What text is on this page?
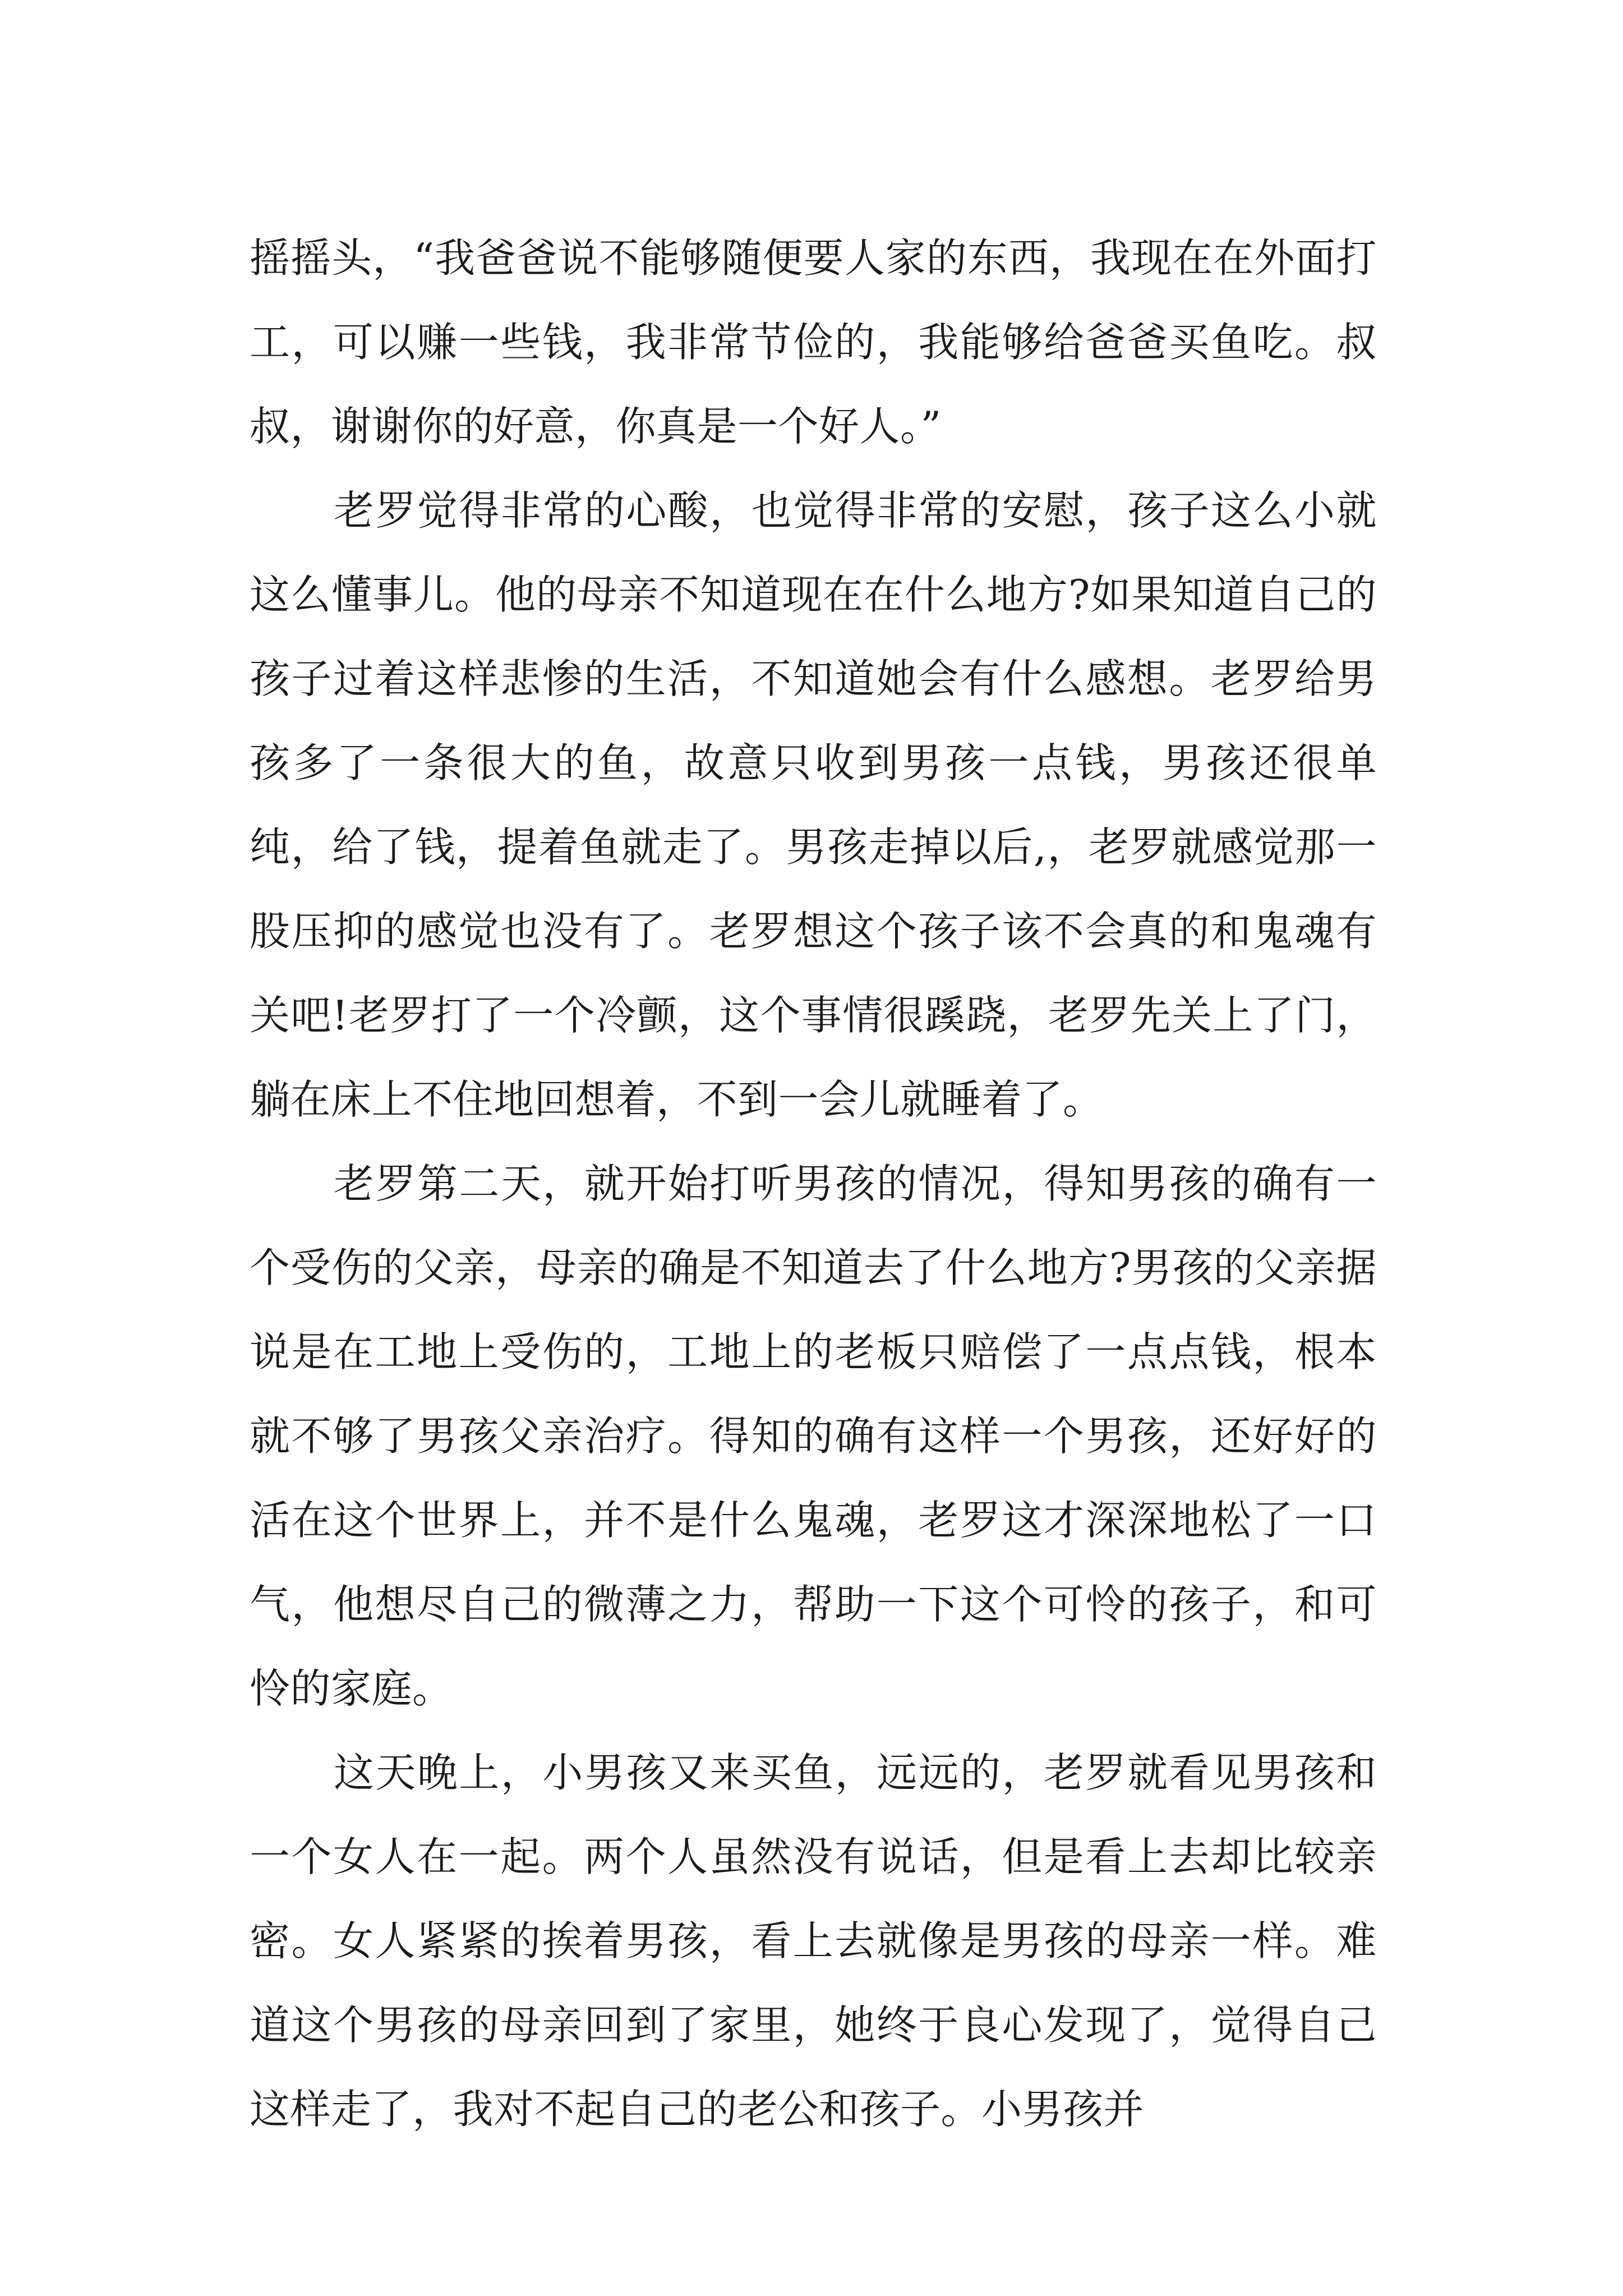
摇摇头，“我爸爸说不能够随便要人家的东西，我现在在外面打工，可以赚一些钱，我非常节俭的，我能够给爸爸买鱼吃。叔叔，谢谢你的好意，你真是一个好人。”

老罗觉得非常的心酸，也觉得非常的安慰，孩子这么小就这么懂事儿。他的母亲不知道现在在什么地方?如果知道自己的孩子过着这样悲惨的生活，不知道她会有什么感想。老罗给男孩多了一条很大的鱼，故意只收到男孩一点钱，男孩还很单纯，给了钱，提着鱼就走了。男孩走掉以后,，老罗就感觉那一股压抑的感觉也没有了。老罗想这个孩子该不会真的和鬼魂有关吧!老罗打了一个冷颤，这个事情很蹊跷，老罗先关上了门，躺在床上不住地回想着，不到一会儿就睡着了。

老罗第二天，就开始打听男孩的情况，得知男孩的确有一个受伤的父亲，母亲的确是不知道去了什么地方?男孩的父亲据说是在工地上受伤的，工地上的老板只赔偿了一点点钱，根本就不够了男孩父亲治疗。得知的确有这样一个男孩，还好好的活在这个世界上，并不是什么鬼魂，老罗这才深深地松了一口气，他想尽自己的微薄之力，帮助一下这个可怜的孩子，和可怜的家庭。

这天晚上，小男孩又来买鱼，远远的，老罗就看见男孩和一个女人在一起。两个人虽然没有说话，但是看上去却比较亲密。女人紧紧的挨着男孩，看上去就像是男孩的母亲一样。难道这个男孩的母亲回到了家里，她终于良心发现了，觉得自己这样走了，我对不起自己的老公和孩子。小男孩并
